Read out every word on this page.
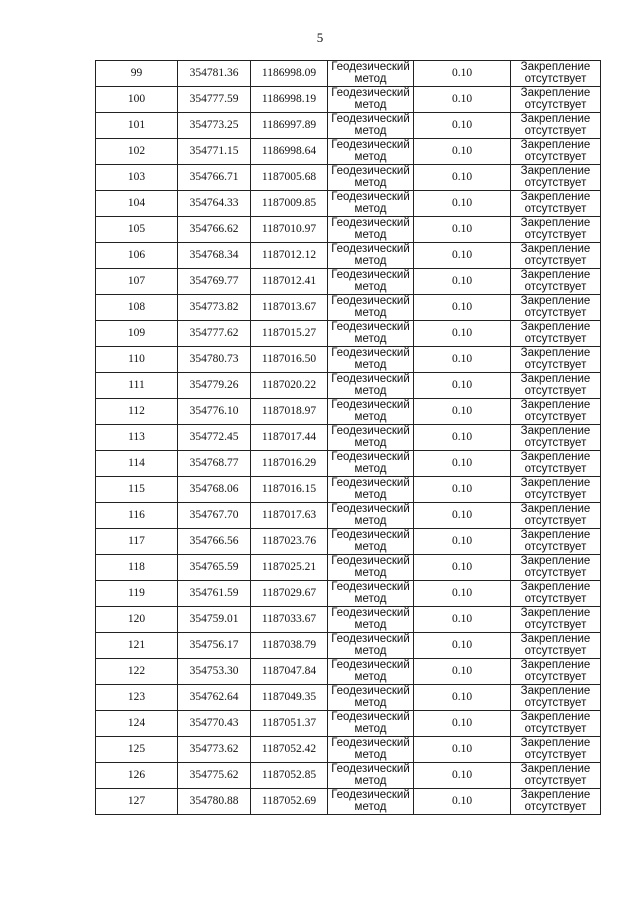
5
99	354781.36	1186998.09	Геодезический
метод	0.10	Закрепление
отсутствует

100	354777.59	1186998.19	Геодезический
метод	0.10	Закрепление
отсутствует

101	354773.25	1186997.89	Геодезический
метод	0.10	Закрепление
отсутствует

102	354771.15	1186998.64	Геодезический
метод	0.10	Закрепление
отсутствует

103	354766.71	1187005.68	Геодезический
метод	0.10	Закрепление
отсутствует

104	354764.33	1187009.85	Геодезический
метод	0.10	Закрепление
отсутствует

105	354766.62	1187010.97	Геодезический
метод	0.10	Закрепление
отсутствует

106	354768.34	1187012.12	Геодезический
метод	0.10	Закрепление
отсутствует

107	354769.77	1187012.41	Геодезический
метод	0.10	Закрепление
отсутствует

108	354773.82	1187013.67	Геодезический
метод	0.10	Закрепление
отсутствует

109	354777.62	1187015.27	Геодезический
метод	0.10	Закрепление
отсутствует

110	354780.73	1187016.50	Геодезический
метод	0.10	Закрепление
отсутствует

111	354779.26	1187020.22	Геодезический
метод	0.10	Закрепление
отсутствует

112	354776.10	1187018.97	Геодезический
метод	0.10	Закрепление
отсутствует

113	354772.45	1187017.44	Геодезический
метод	0.10	Закрепление
отсутствует

114	354768.77	1187016.29	Геодезический
метод	0.10	Закрепление
отсутствует

115	354768.06	1187016.15	Геодезический
метод	0.10	Закрепление
отсутствует

116	354767.70	1187017.63	Геодезический
метод	0.10	Закрепление
отсутствует

117	354766.56	1187023.76	Геодезический
метод	0.10	Закрепление
отсутствует

118	354765.59	1187025.21	Геодезический
метод	0.10	Закрепление
отсутствует

119	354761.59	1187029.67	Геодезический
метод	0.10	Закрепление
отсутствует

120	354759.01	1187033.67	Геодезический
метод	0.10	Закрепление
отсутствует

121	354756.17	1187038.79	Геодезический
метод	0.10	Закрепление
отсутствует

122	354753.30	1187047.84	Геодезический
метод	0.10	Закрепление
отсутствует

123	354762.64	1187049.35	Геодезический
метод	0.10	Закрепление
отсутствует

124	354770.43	1187051.37	Геодезический
метод	0.10	Закрепление
отсутствует

125	354773.62	1187052.42	Геодезический
метод	0.10	Закрепление
отсутствует

126	354775.62	1187052.85	Геодезический
метод	0.10	Закрепление
отсутствует

127	354780.88	1187052.69	Геодезический
метод	0.10	Закрепление
отсутствует
